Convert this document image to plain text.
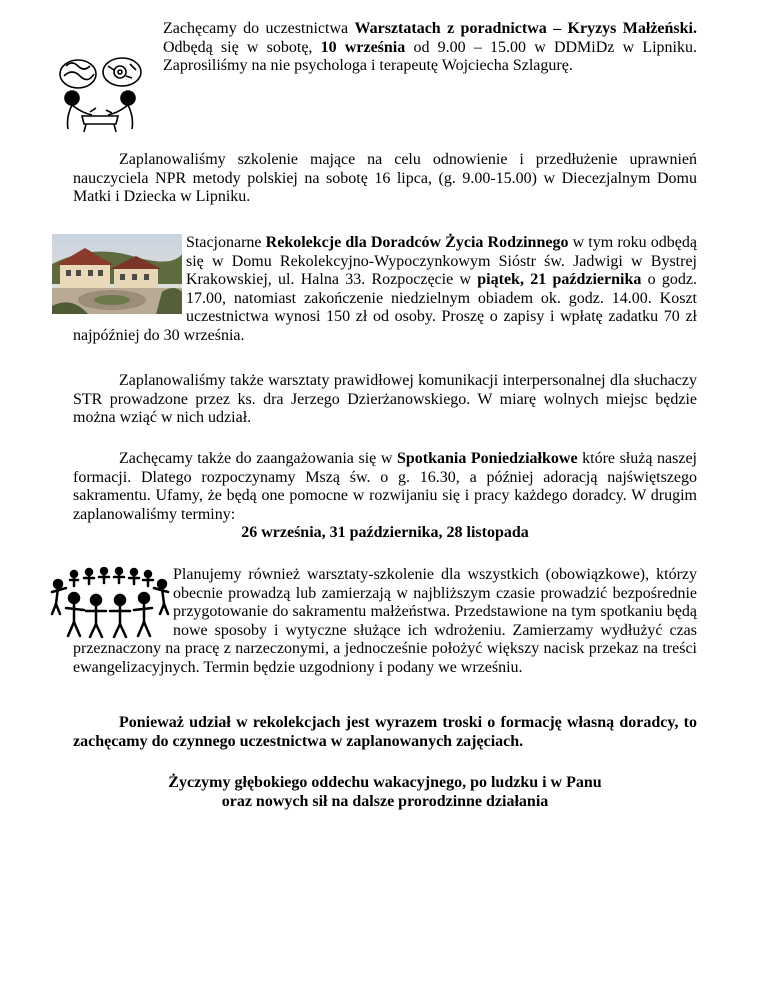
Zachęcamy do uczestnictwa Warsztatach z poradnictwa – Kryzys Małżeński. Odbędą się w sobotę, 10 września od 9.00 – 15.00 w DDMiDz w Lipniku. Zaprosiliśmy na nie psychologa i terapeutę Wojciecha Szlagurę.

Zaplanowaliśmy szkolenie mające na celu odnowienie i przedłużenie uprawnień nauczyciela NPR metody polskiej na sobotę 16 lipca, (g. 9.00-15.00) w Diecezjalnym Domu Matki i Dziecka w Lipniku.

Stacjonarne Rekolekcje dla Doradców Życia Rodzinnego w tym roku odbędą się w Domu Rekolekcyjno-Wypoczynkowym Sióstr św. Jadwigi w Bystrej Krakowskiej, ul. Halna 33. Rozpoczęcie w piątek, 21 października o godz. 17.00, natomiast zakończenie niedzielnym obiadem ok. godz. 14.00. Koszt uczestnictwa wynosi 150 zł od osoby. Proszę o zapisy i wpłatę zadatku 70 zł najpóźniej do 30 września.

Zaplanowaliśmy także warsztaty prawidłowej komunikacji interpersonalnej dla słuchaczy STR prowadzone przez ks. dra Jerzego Dzierżanowskiego. W miarę wolnych miejsc będzie można wziąć w nich udział.

Zachęcamy także do zaangażowania się w Spotkania Poniedziałkowe które służą naszej formacji. Dlatego rozpoczynamy Mszą św. o g. 16.30, a później adoracją najświętszego sakramentu. Ufamy, że będą one pomocne w rozwijaniu się i pracy każdego doradcy. W drugim zaplanowaliśmy terminy:

26 września, 31 października, 28 listopada

Planujemy również warsztaty-szkolenie dla wszystkich (obowiązkowe), którzy obecnie prowadzą lub zamierzają w najbliższym czasie prowadzić bezpośrednie przygotowanie do sakramentu małżeństwa. Przedstawione na tym spotkaniu będą nowe sposoby i wytyczne służące ich wdrożeniu. Zamierzamy wydłużyć czas przeznaczony na pracę z narzeczonymi, a jednocześnie położyć większy nacisk przekaz na treści ewangelizacyjnych. Termin będzie uzgodniony i podany we wrześniu.

Ponieważ udział w rekolekcjach jest wyrazem troski o formację własną doradcy, to zachęcamy do czynnego uczestnictwa w zaplanowanych zajęciach.

Życzymy głębokiego oddechu wakacyjnego, po ludzku i w Panu

oraz nowych sił na dalsze prorodzinne działania
